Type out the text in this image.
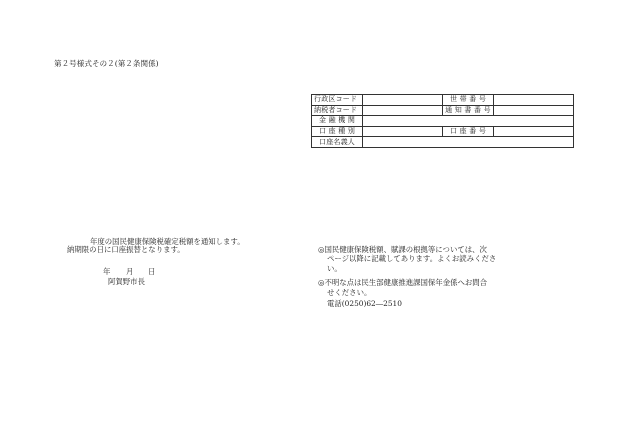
第２号様式その２(第２条関係)
行政区コード		世 帯 番 号	
納税者コード		通 知 書 番 号	
金 融 機 関			
口 座 種 別		口 座 番 号	
口座名義人			
年度の国民健康保険税確定税額を通知します。
納期限の日に口座振替となります。
年 月 日
阿賀野市長
◎国民健康保険税額、賦課の根拠等については、次
ページ以降に記載してあります。よくお読みくださ
い。
◎不明な点は民生部健康推進課国保年金係へお問合
せください。
電話(0250)62―2510
